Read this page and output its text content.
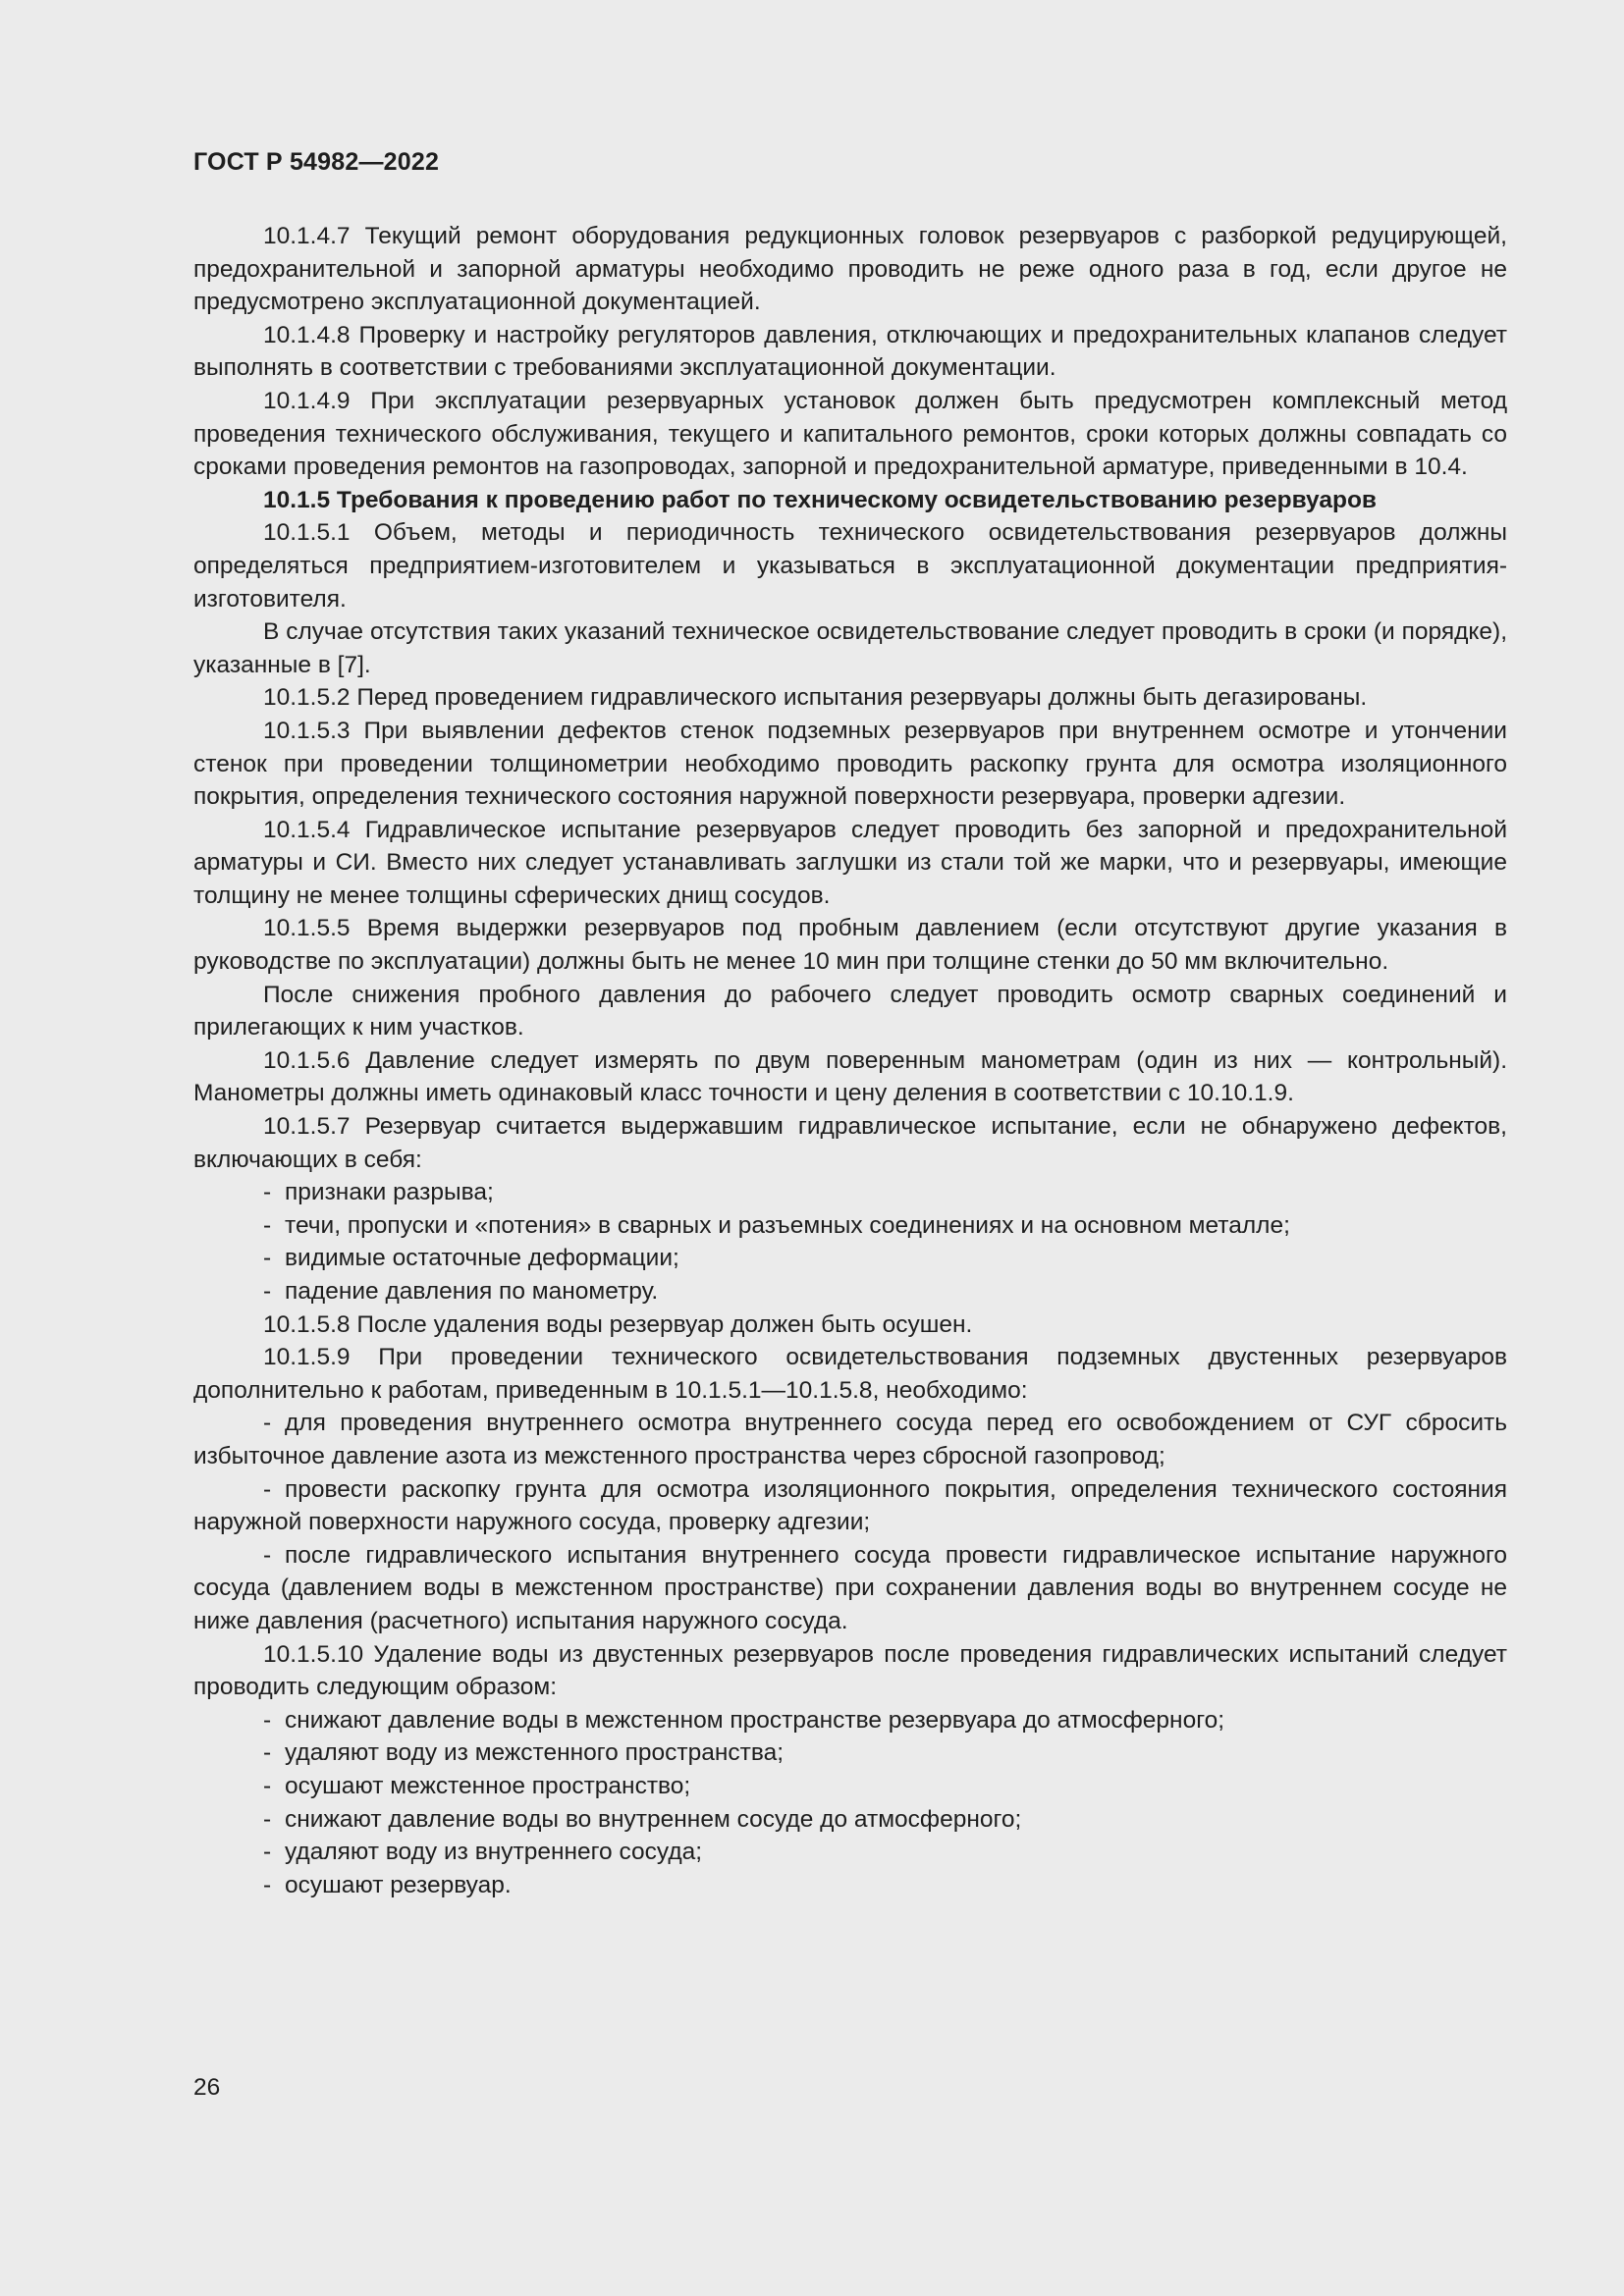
ГОСТ Р 54982—2022

10.1.4.7 Текущий ремонт оборудования редукционных головок резервуаров с разборкой редуцирующей, предохранительной и запорной арматуры необходимо проводить не реже одного раза в год, если другое не предусмотрено эксплуатационной документацией.

10.1.4.8 Проверку и настройку регуляторов давления, отключающих и предохранительных клапанов следует выполнять в соответствии с требованиями эксплуатационной документации.

10.1.4.9 При эксплуатации резервуарных установок должен быть предусмотрен комплексный метод проведения технического обслуживания, текущего и капитального ремонтов, сроки которых должны совпадать со сроками проведения ремонтов на газопроводах, запорной и предохранительной арматуре, приведенными в 10.4.

10.1.5 Требования к проведению работ по техническому освидетельствованию резервуаров

10.1.5.1 Объем, методы и периодичность технического освидетельствования резервуаров должны определяться предприятием-изготовителем и указываться в эксплуатационной документации предприятия-изготовителя.

В случае отсутствия таких указаний техническое освидетельствование следует проводить в сроки (и порядке), указанные в [7].

10.1.5.2 Перед проведением гидравлического испытания резервуары должны быть дегазированы.

10.1.5.3 При выявлении дефектов стенок подземных резервуаров при внутреннем осмотре и утончении стенок при проведении толщинометрии необходимо проводить раскопку грунта для осмотра изоляционного покрытия, определения технического состояния наружной поверхности резервуара, проверки адгезии.

10.1.5.4 Гидравлическое испытание резервуаров следует проводить без запорной и предохранительной арматуры и СИ. Вместо них следует устанавливать заглушки из стали той же марки, что и резервуары, имеющие толщину не менее толщины сферических днищ сосудов.

10.1.5.5 Время выдержки резервуаров под пробным давлением (если отсутствуют другие указания в руководстве по эксплуатации) должны быть не менее 10 мин при толщине стенки до 50 мм включительно.

После снижения пробного давления до рабочего следует проводить осмотр сварных соединений и прилегающих к ним участков.

10.1.5.6 Давление следует измерять по двум поверенным манометрам (один из них — контрольный). Манометры должны иметь одинаковый класс точности и цену деления в соответствии с 10.10.1.9.

10.1.5.7 Резервуар считается выдержавшим гидравлическое испытание, если не обнаружено дефектов, включающих в себя:

- признаки разрыва;

- течи, пропуски и «потения» в сварных и разъемных соединениях и на основном металле;

- видимые остаточные деформации;

- падение давления по манометру.

10.1.5.8 После удаления воды резервуар должен быть осушен.

10.1.5.9 При проведении технического освидетельствования подземных двустенных резервуаров дополнительно к работам, приведенным в 10.1.5.1—10.1.5.8, необходимо:

- для проведения внутреннего осмотра внутреннего сосуда перед его освобождением от СУГ сбросить избыточное давление азота из межстенного пространства через сбросной газопровод;

- провести раскопку грунта для осмотра изоляционного покрытия, определения технического состояния наружной поверхности наружного сосуда, проверку адгезии;

- после гидравлического испытания внутреннего сосуда провести гидравлическое испытание наружного сосуда (давлением воды в межстенном пространстве) при сохранении давления воды во внутреннем сосуде не ниже давления (расчетного) испытания наружного сосуда.

10.1.5.10 Удаление воды из двустенных резервуаров после проведения гидравлических испытаний следует проводить следующим образом:

- снижают давление воды в межстенном пространстве резервуара до атмосферного;

- удаляют воду из межстенного пространства;

- осушают межстенное пространство;

- снижают давление воды во внутреннем сосуде до атмосферного;

- удаляют воду из внутреннего сосуда;

- осушают резервуар.

26
